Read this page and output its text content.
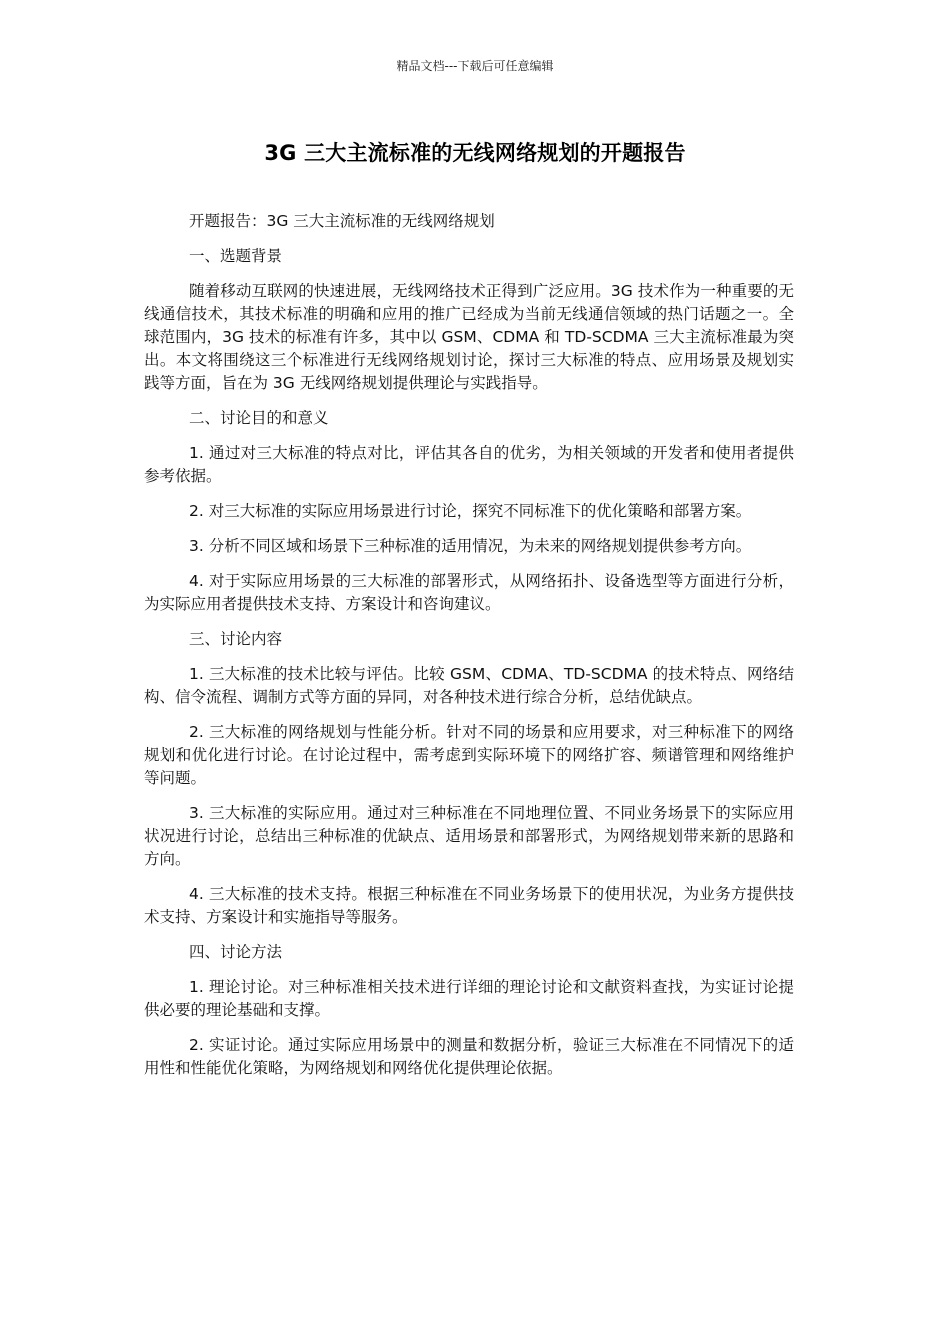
精品文档---下载后可任意编辑
3G 三大主流标准的无线网络规划的开题报告

开题报告：3G 三大主流标准的无线网络规划

一、选题背景

随着移动互联网的快速进展，无线网络技术正得到广泛应用。3G 技术作为一种重要的无线通信技术，其技术标准的明确和应用的推广已经成为当前无线通信领域的热门话题之一。全球范围内，3G 技术的标准有许多，其中以 GSM、CDMA 和 TD-SCDMA 三大主流标准最为突出。本文将围绕这三个标准进行无线网络规划讨论，探讨三大标准的特点、应用场景及规划实践等方面，旨在为 3G 无线网络规划提供理论与实践指导。

二、讨论目的和意义

1. 通过对三大标准的特点对比，评估其各自的优劣，为相关领域的开发者和使用者提供参考依据。

2. 对三大标准的实际应用场景进行讨论，探究不同标准下的优化策略和部署方案。

3. 分析不同区域和场景下三种标准的适用情况，为未来的网络规划提供参考方向。

4. 对于实际应用场景的三大标准的部署形式，从网络拓扑、设备选型等方面进行分析，为实际应用者提供技术支持、方案设计和咨询建议。

三、讨论内容

1. 三大标准的技术比较与评估。比较 GSM、CDMA、TD-SCDMA 的技术特点、网络结构、信令流程、调制方式等方面的异同，对各种技术进行综合分析，总结优缺点。

2. 三大标准的网络规划与性能分析。针对不同的场景和应用要求，对三种标准下的网络规划和优化进行讨论。在讨论过程中，需考虑到实际环境下的网络扩容、频谱管理和网络维护等问题。

3. 三大标准的实际应用。通过对三种标准在不同地理位置、不同业务场景下的实际应用状况进行讨论，总结出三种标准的优缺点、适用场景和部署形式，为网络规划带来新的思路和方向。

4. 三大标准的技术支持。根据三种标准在不同业务场景下的使用状况，为业务方提供技术支持、方案设计和实施指导等服务。

四、讨论方法

1. 理论讨论。对三种标准相关技术进行详细的理论讨论和文献资料查找，为实证讨论提供必要的理论基础和支撑。

2. 实证讨论。通过实际应用场景中的测量和数据分析，验证三大标准在不同情况下的适用性和性能优化策略，为网络规划和网络优化提供理论依据。
